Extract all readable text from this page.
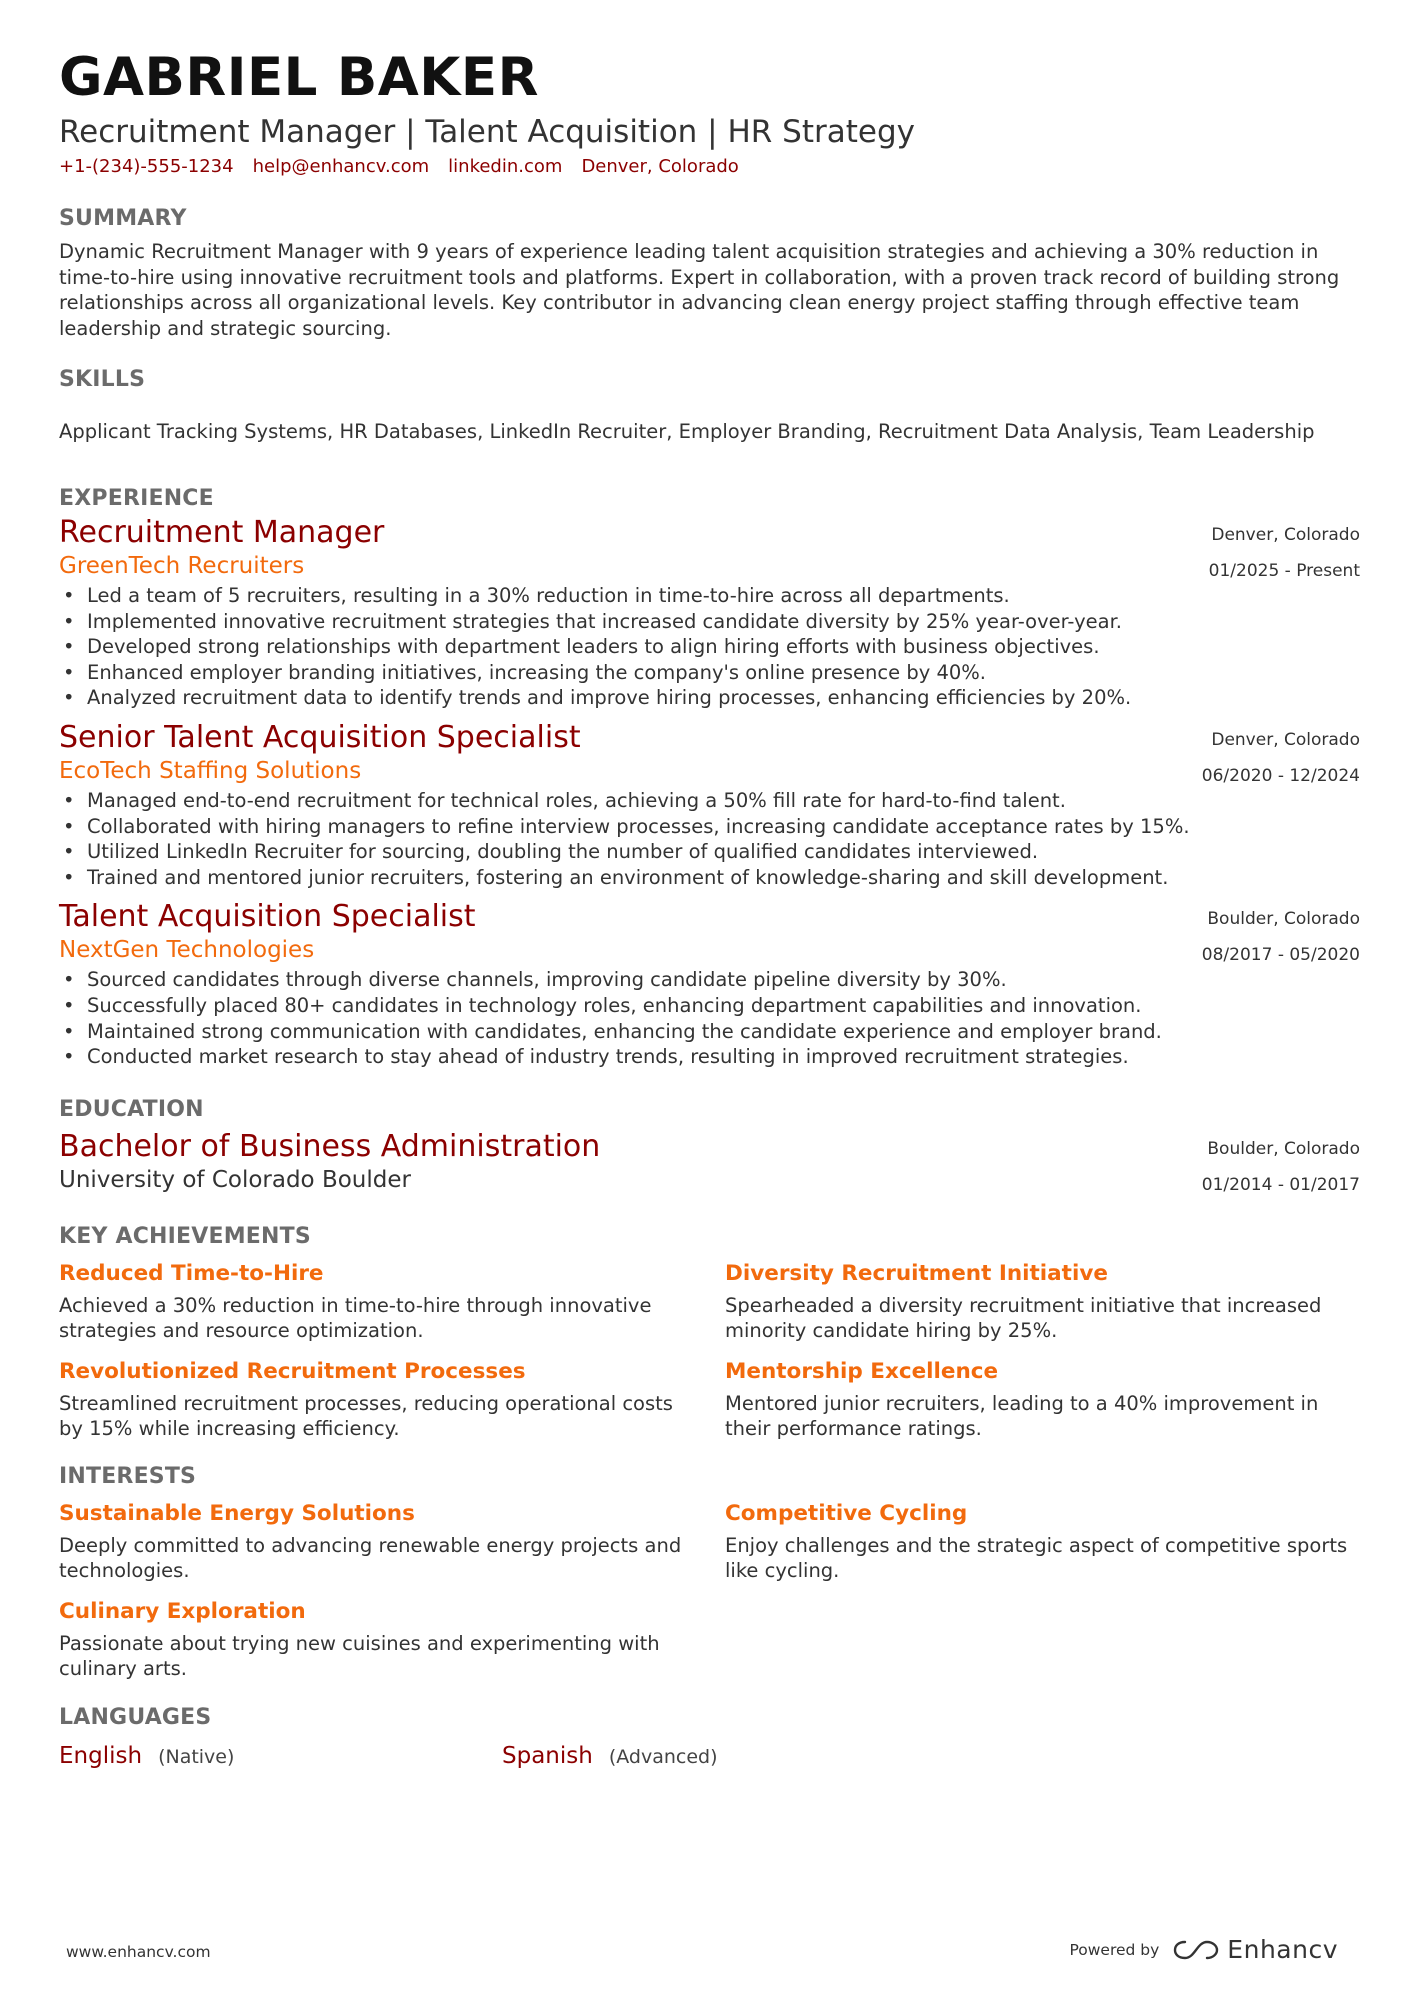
GABRIEL BAKER
Recruitment Manager | Talent Acquisition | HR Strategy
+1-(234)-555-1234 help@enhancv.com linkedin.com Denver, Colorado
SUMMARY
Dynamic Recruitment Manager with 9 years of experience leading talent acquisition strategies and achieving a 30% reduction in time-to-hire using innovative recruitment tools and platforms. Expert in collaboration, with a proven track record of building strong relationships across all organizational levels. Key contributor in advancing clean energy project staffing through effective team leadership and strategic sourcing.
SKILLS
Applicant Tracking Systems, HR Databases, LinkedIn Recruiter, Employer Branding, Recruitment Data Analysis, Team Leadership
EXPERIENCE
Recruitment Manager
GreenTech Recruiters
Denver, Colorado
01/2025 - Present
• Led a team of 5 recruiters, resulting in a 30% reduction in time-to-hire across all departments.
• Implemented innovative recruitment strategies that increased candidate diversity by 25% year-over-year.
• Developed strong relationships with department leaders to align hiring efforts with business objectives.
• Enhanced employer branding initiatives, increasing the company's online presence by 40%.
• Analyzed recruitment data to identify trends and improve hiring processes, enhancing efficiencies by 20%.
Senior Talent Acquisition Specialist
EcoTech Staffing Solutions
Denver, Colorado
06/2020 - 12/2024
• Managed end-to-end recruitment for technical roles, achieving a 50% fill rate for hard-to-find talent.
• Collaborated with hiring managers to refine interview processes, increasing candidate acceptance rates by 15%.
• Utilized LinkedIn Recruiter for sourcing, doubling the number of qualified candidates interviewed.
• Trained and mentored junior recruiters, fostering an environment of knowledge-sharing and skill development.
Talent Acquisition Specialist
NextGen Technologies
Boulder, Colorado
08/2017 - 05/2020
• Sourced candidates through diverse channels, improving candidate pipeline diversity by 30%.
• Successfully placed 80+ candidates in technology roles, enhancing department capabilities and innovation.
• Maintained strong communication with candidates, enhancing the candidate experience and employer brand.
• Conducted market research to stay ahead of industry trends, resulting in improved recruitment strategies.
EDUCATION
Bachelor of Business Administration
University of Colorado Boulder
Boulder, Colorado
01/2014 - 01/2017
KEY ACHIEVEMENTS
Reduced Time-to-Hire
Achieved a 30% reduction in time-to-hire through innovative strategies and resource optimization.
Diversity Recruitment Initiative
Spearheaded a diversity recruitment initiative that increased minority candidate hiring by 25%.
Revolutionized Recruitment Processes
Streamlined recruitment processes, reducing operational costs by 15% while increasing efficiency.
Mentorship Excellence
Mentored junior recruiters, leading to a 40% improvement in their performance ratings.
INTERESTS
Sustainable Energy Solutions
Deeply committed to advancing renewable energy projects and technologies.
Competitive Cycling
Enjoy challenges and the strategic aspect of competitive sports like cycling.
Culinary Exploration
Passionate about trying new cuisines and experimenting with culinary arts.
LANGUAGES
English (Native)	Spanish (Advanced)
www.enhancv.com	Powered by	Enhancv
